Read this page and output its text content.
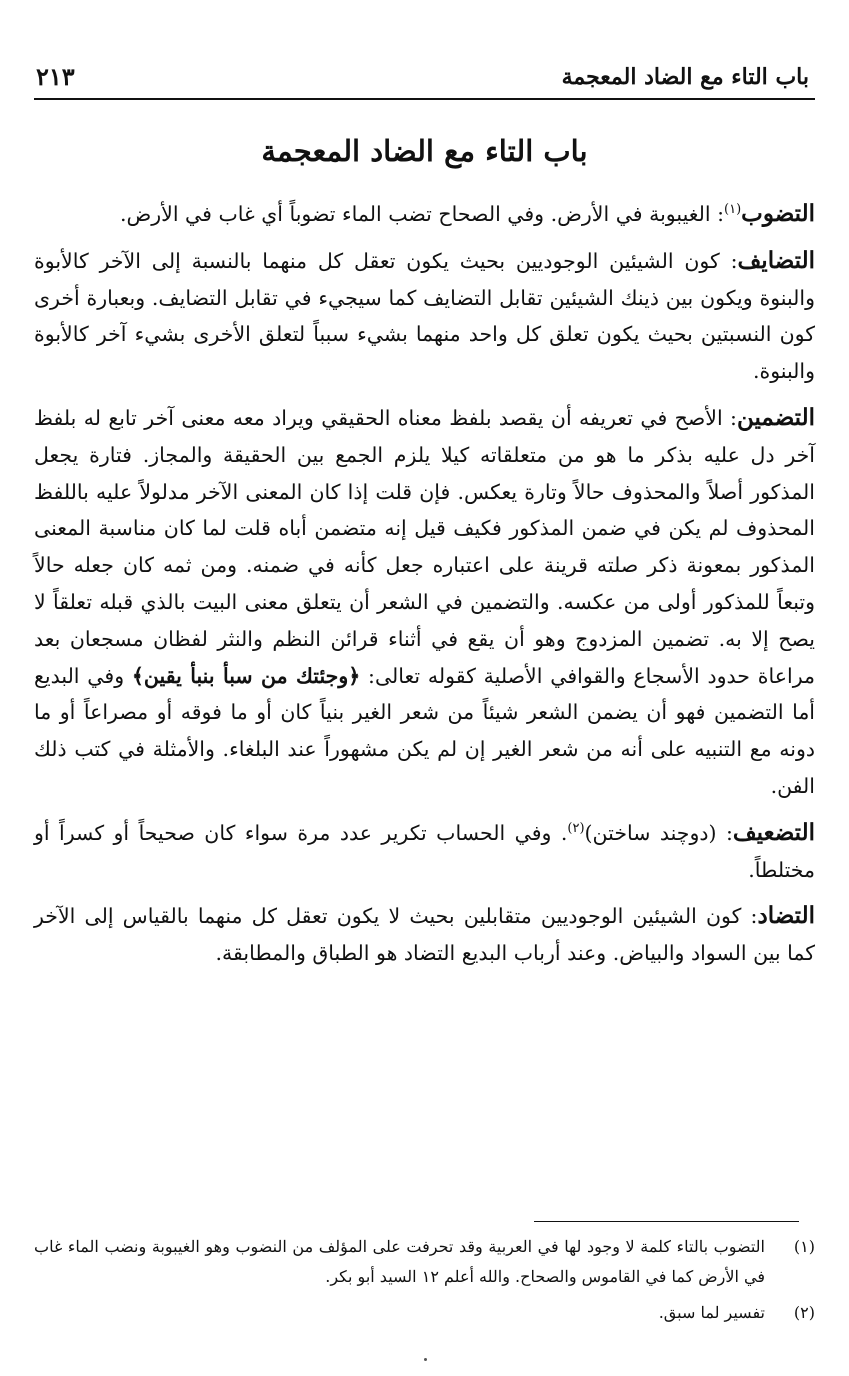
باب التاء مع الضاد المعجمة
٢١٣
باب التاء مع الضاد المعجمة

التضوب$^{(١)}$: الغيبوبة في الأرض. وفي الصحاح تضب الماء تضوباً أي غاب في الأرض.

التضايف: كون الشيئين الوجوديين بحيث يكون تعقل كل منهما بالنسبة إلى الآخر كالأبوة والبنوة ويكون بين ذينك الشيئين تقابل التضايف كما سيجيء في تقابل التضايف. وبعبارة أخرى كون النسبتين بحيث يكون تعلق كل واحد منهما بشيء سبباً لتعلق الأخرى بشيء آخر كالأبوة والبنوة.

التضمين: الأصح في تعريفه أن يقصد بلفظ معناه الحقيقي ويراد معه معنى آخر تابع له بلفظ آخر دل عليه بذكر ما هو من متعلقاته كيلا يلزم الجمع بين الحقيقة والمجاز. فتارة يجعل المذكور أصلاً والمحذوف حالاً وتارة يعكس. فإن قلت إذا كان المعنى الآخر مدلولاً عليه باللفظ المحذوف لم يكن في ضمن المذكور فكيف قيل إنه متضمن أباه قلت لما كان مناسبة المعنى المذكور بمعونة ذكر صلته قرينة على اعتباره جعل كأنه في ضمنه. ومن ثمه كان جعله حالاً وتبعاً للمذكور أولى من عكسه. والتضمين في الشعر أن يتعلق معنى البيت بالذي قبله تعلقاً لا يصح إلا به. تضمين المزدوج وهو أن يقع في أثناء قرائن النظم والنثر لفظان مسجعان بعد مراعاة حدود الأسجاع والقوافي الأصلية كقوله تعالى: ﴿وجئتك من سبأ بنبأ يقين﴾ وفي البديع أما التضمين فهو أن يضمن الشعر شيئاً من شعر الغير بنياً كان أو ما فوقه أو مصراعاً أو ما دونه مع التنبيه على أنه من شعر الغير إن لم يكن مشهوراً عند البلغاء. والأمثلة في كتب ذلك الفن.

التضعيف: (دوچند ساختن)$^{(٢)}$. وفي الحساب تكرير عدد مرة سواء كان صحيحاً أو كسراً أو مختلطاً.

التضاد: كون الشيئين الوجوديين متقابلين بحيث لا يكون تعقل كل منهما بالقياس إلى الآخر كما بين السواد والبياض. وعند أرباب البديع التضاد هو الطباق والمطابقة.

(١)
التضوب بالتاء كلمة لا وجود لها في العربية وقد تحرفت على المؤلف من النضوب وهو الغيبوبة ونضب الماء غاب في الأرض كما في القاموس والصحاح. والله أعلم ١٢ السيد أبو بكر.

(٢)
تفسير لما سبق.
